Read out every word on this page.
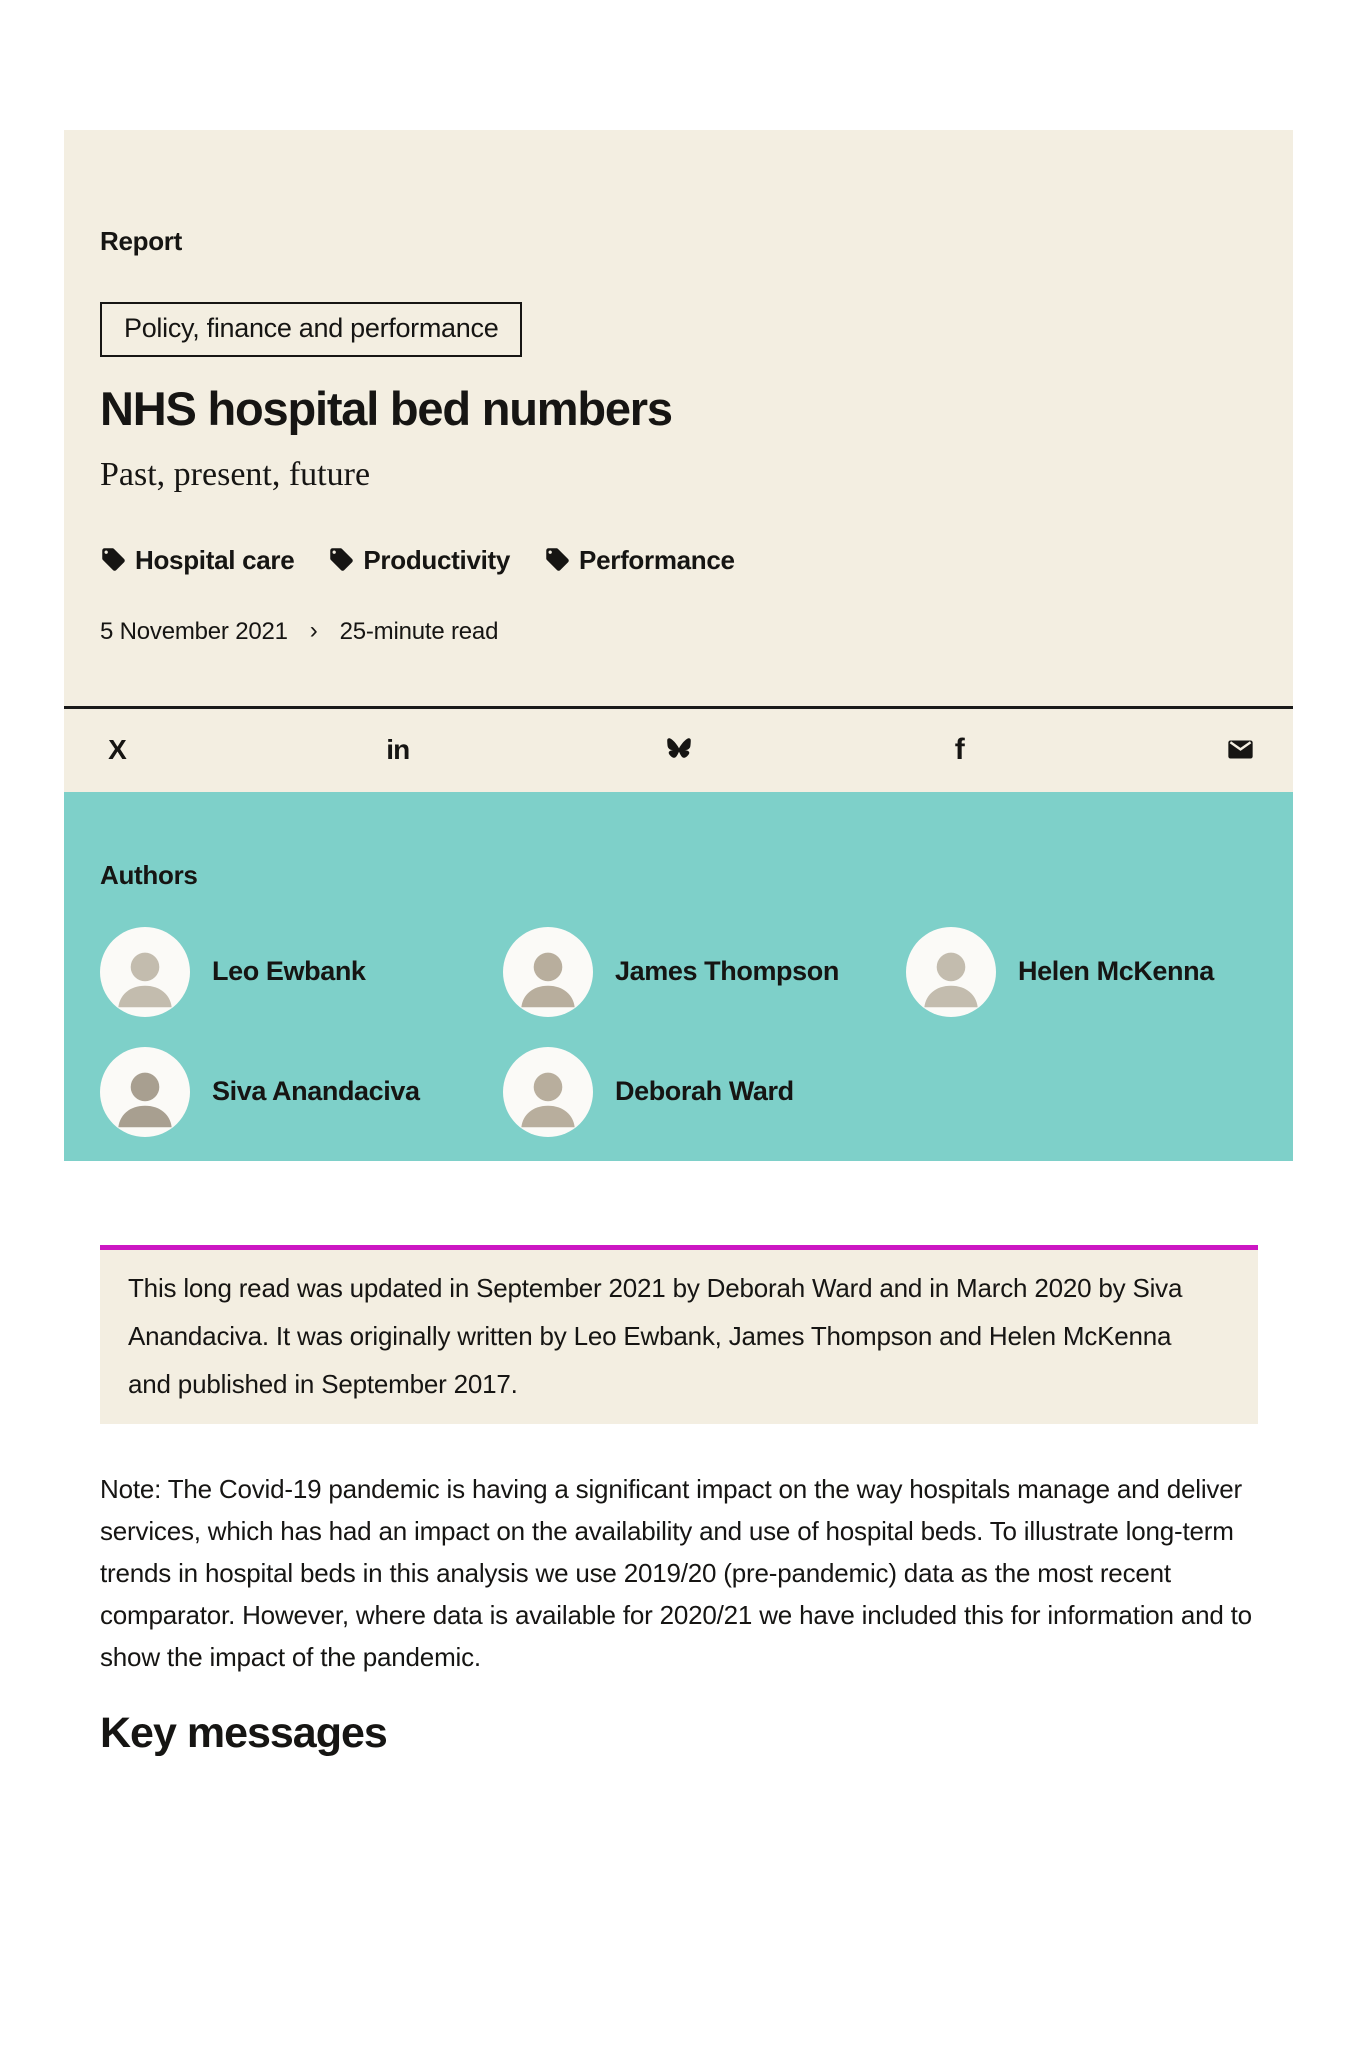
Report
Policy, finance and performance
NHS hospital bed numbers
Past, present, future
Hospital care	Productivity	Performance
5 November 2021 › 25-minute read
X	in	f
Authors
Leo Ewbank	James Thompson	Helen McKenna
Siva Anandaciva	Deborah Ward

This long read was updated in September 2021 by Deborah Ward and in March 2020 by Siva Anandaciva. It was originally written by Leo Ewbank, James Thompson and Helen McKenna and published in September 2017.

Note: The Covid-19 pandemic is having a significant impact on the way hospitals manage and deliver services, which has had an impact on the availability and use of hospital beds. To illustrate long-term trends in hospital beds in this analysis we use 2019/20 (pre-pandemic) data as the most recent comparator. However, where data is available for 2020/21 we have included this for information and to show the impact of the pandemic.

Key messages
